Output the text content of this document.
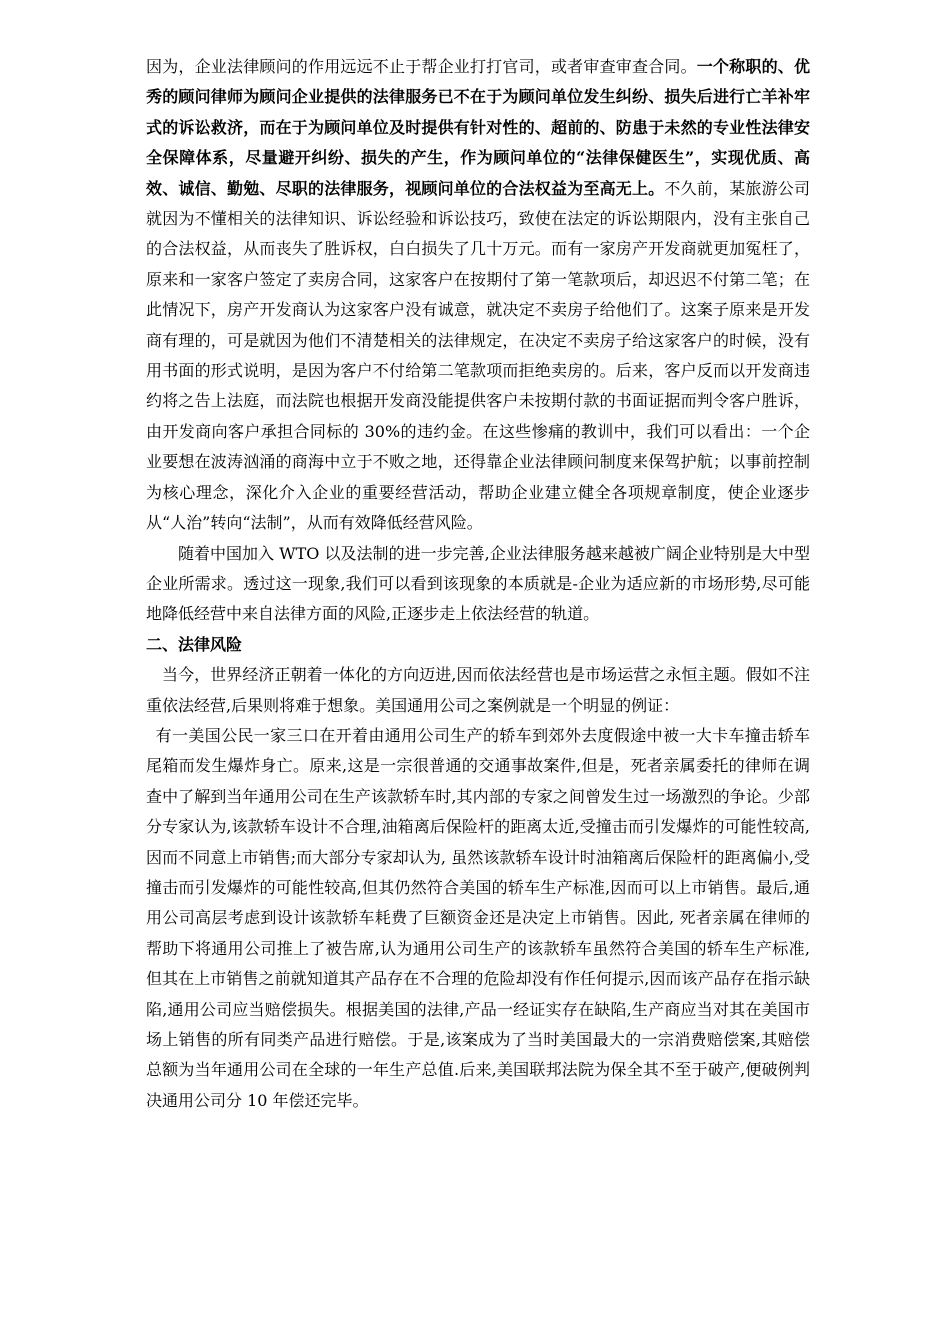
因为，企业法律顾问的作用远远不止于帮企业打打官司，或者审查审查合同。一个称职的、优秀的顾问律师为顾问企业提供的法律服务已不在于为顾问单位发生纠纷、损失后进行亡羊补牢式的诉讼救济，而在于为顾问单位及时提供有针对性的、超前的、防患于未然的专业性法律安全保障体系，尽量避开纠纷、损失的产生，作为顾问单位的“法律保健医生”，实现优质、高效、诚信、勤勉、尽职的法律服务，视顾问单位的合法权益为至高无上。不久前，某旅游公司就因为不懂相关的法律知识、诉讼经验和诉讼技巧，致使在法定的诉讼期限内，没有主张自己的合法权益，从而丧失了胜诉权，白白损失了几十万元。而有一家房产开发商就更加冤枉了，原来和一家客户签定了卖房合同，这家客户在按期付了第一笔款项后，却迟迟不付第二笔；在此情况下，房产开发商认为这家客户没有诚意，就决定不卖房子给他们了。这案子原来是开发商有理的，可是就因为他们不清楚相关的法律规定，在决定不卖房子给这家客户的时候，没有用书面的形式说明，是因为客户不付给第二笔款项而拒绝卖房的。后来，客户反而以开发商违约将之告上法庭，而法院也根据开发商没能提供客户未按期付款的书面证据而判令客户胜诉，由开发商向客户承担合同标的 30%的违约金。在这些惨痛的教训中，我们可以看出：一个企业要想在波涛汹涌的商海中立于不败之地，还得靠企业法律顾问制度来保驾护航；以事前控制为核心理念，深化介入企业的重要经营活动，帮助企业建立健全各项规章制度，使企业逐步从“人治”转向“法制”，从而有效降低经营风险。

随着中国加入 WTO 以及法制的进一步完善,企业法律服务越来越被广阔企业特别是大中型企业所需求。透过这一现象,我们可以看到该现象的本质就是-企业为适应新的市场形势,尽可能地降低经营中来自法律方面的风险,正逐步走上依法经营的轨道。

二、法律风险

当今，世界经济正朝着一体化的方向迈进,因而依法经营也是市场运营之永恒主题。假如不注重依法经营,后果则将难于想象。美国通用公司之案例就是一个明显的例证：

有一美国公民一家三口在开着由通用公司生产的轿车到郊外去度假途中被一大卡车撞击轿车尾箱而发生爆炸身亡。原来,这是一宗很普通的交通事故案件,但是，死者亲属委托的律师在调查中了解到当年通用公司在生产该款轿车时,其内部的专家之间曾发生过一场激烈的争论。少部分专家认为,该款轿车设计不合理,油箱离后保险杆的距离太近,受撞击而引发爆炸的可能性较高,因而不同意上市销售;而大部分专家却认为, 虽然该款轿车设计时油箱离后保险杆的距离偏小,受撞击而引发爆炸的可能性较高,但其仍然符合美国的轿车生产标准,因而可以上市销售。最后,通用公司高层考虑到设计该款轿车耗费了巨额资金还是决定上市销售。因此, 死者亲属在律师的帮助下将通用公司推上了被告席,认为通用公司生产的该款轿车虽然符合美国的轿车生产标准,但其在上市销售之前就知道其产品存在不合理的危险却没有作任何提示,因而该产品存在指示缺陷,通用公司应当赔偿损失。根据美国的法律,产品一经证实存在缺陷,生产商应当对其在美国市场上销售的所有同类产品进行赔偿。于是,该案成为了当时美国最大的一宗消费赔偿案,其赔偿总额为当年通用公司在全球的一年生产总值.后来,美国联邦法院为保全其不至于破产,便破例判决通用公司分 10 年偿还完毕。
